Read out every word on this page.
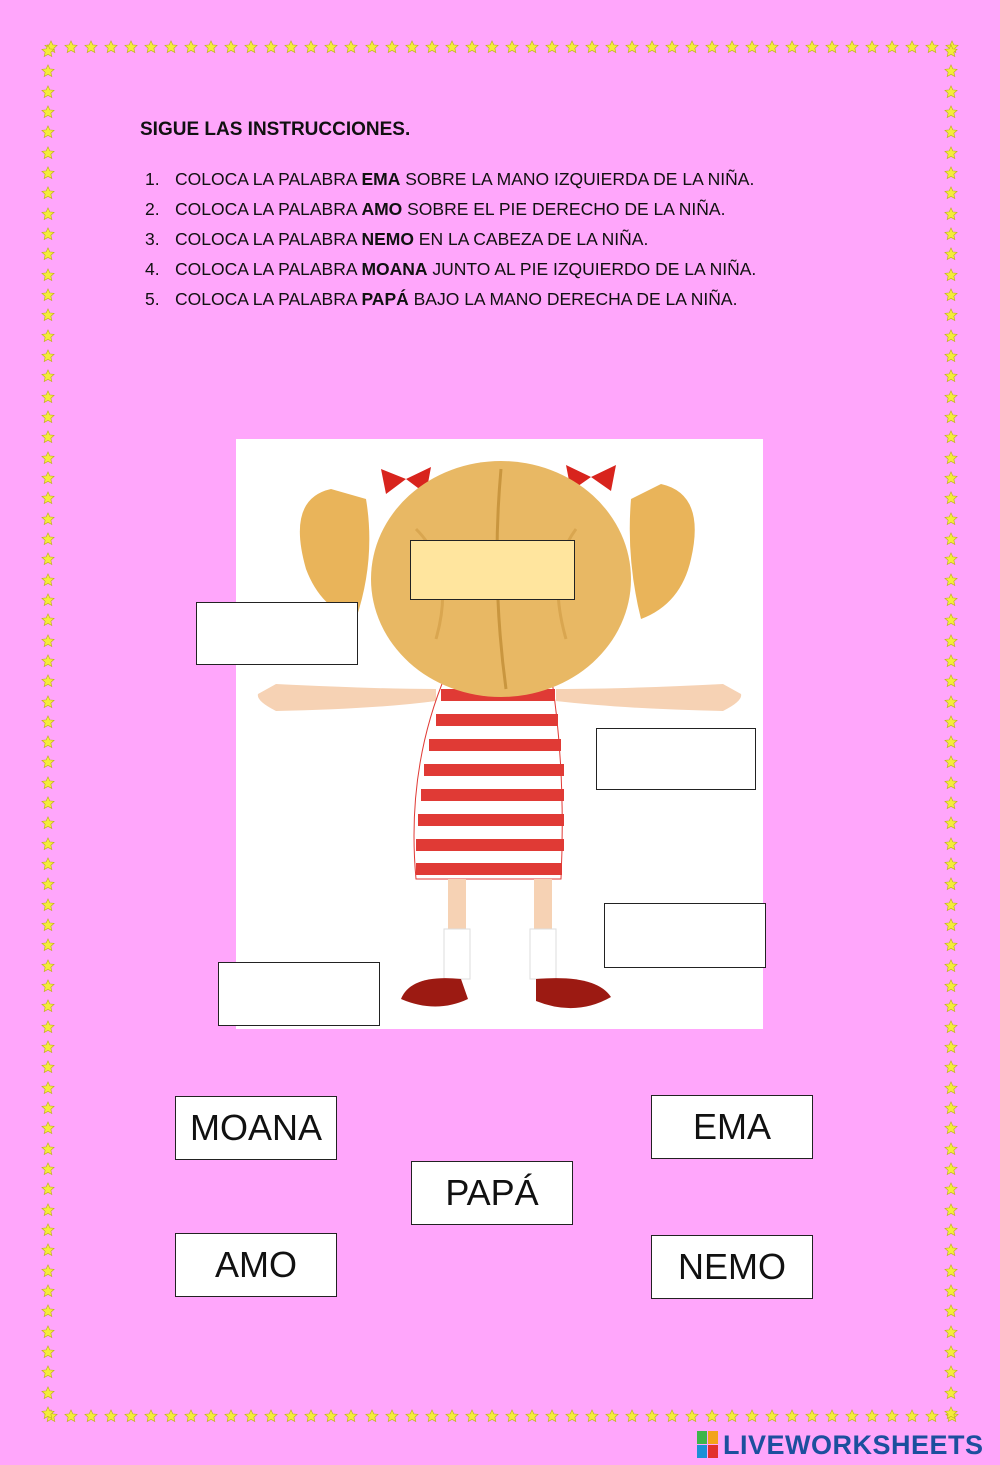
SIGUE LAS INSTRUCCIONES.
1. COLOCA LA PALABRA EMA SOBRE LA MANO IZQUIERDA DE LA NIÑA.
2. COLOCA LA PALABRA AMO SOBRE EL PIE DERECHO DE LA NIÑA.
3. COLOCA LA PALABRA NEMO EN LA CABEZA DE LA NIÑA.
4. COLOCA LA PALABRA MOANA JUNTO AL PIE IZQUIERDO DE LA NIÑA.
5. COLOCA LA PALABRA PAPÁ BAJO LA MANO DERECHA DE LA NIÑA.
MOANA	EMA
PAPÁ
AMO	NEMO
LIVEWORKSHEETS
